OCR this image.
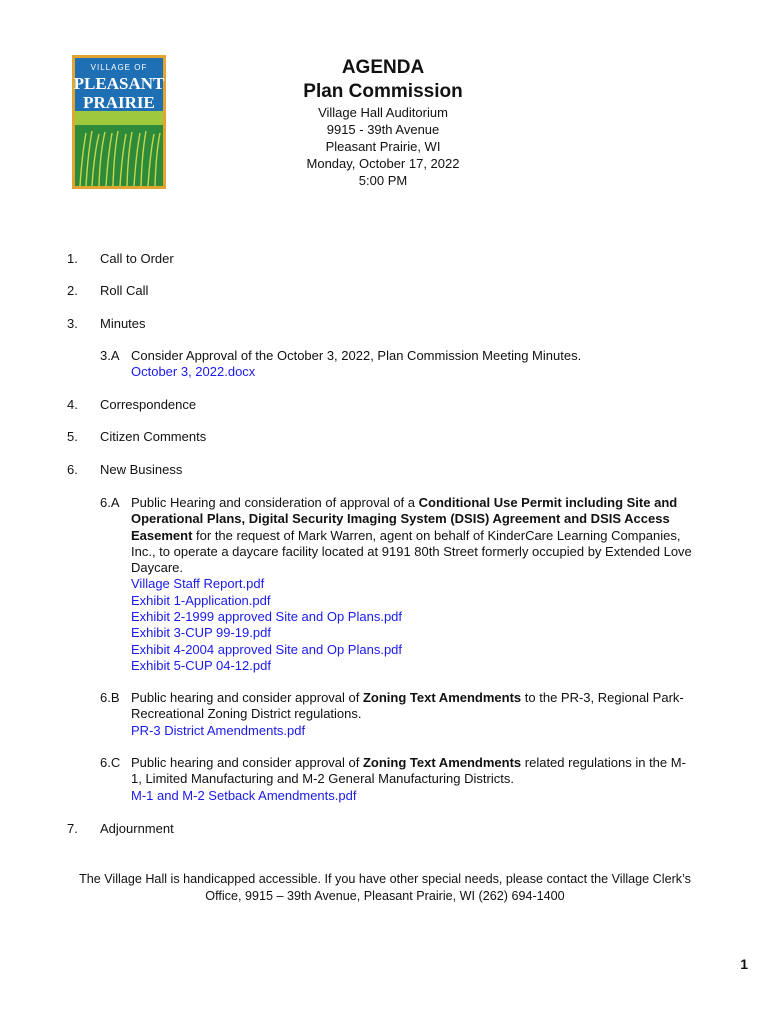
VILLAGE OF
PLEASANT
PRAIRIE
AGENDA
Plan Commission
Village Hall Auditorium
9915 - 39th Avenue
Pleasant Prairie, WI
Monday, October 17, 2022
5:00 PM
1. Call to Order
2. Roll Call
3. Minutes
3.A Consider Approval of the October 3, 2022, Plan Commission Meeting Minutes.
October 3, 2022.docx
4. Correspondence
5. Citizen Comments
6. New Business
6.A Public Hearing and consideration of approval of a Conditional Use Permit including Site and Operational Plans, Digital Security Imaging System (DSIS) Agreement and DSIS Access Easement for the request of Mark Warren, agent on behalf of KinderCare Learning Companies, Inc., to operate a daycare facility located at 9191 80th Street formerly occupied by Extended Love Daycare.
Village Staff Report.pdf
Exhibit 1-Application.pdf
Exhibit 2-1999 approved Site and Op Plans.pdf
Exhibit 3-CUP 99-19.pdf
Exhibit 4-2004 approved Site and Op Plans.pdf
Exhibit 5-CUP 04-12.pdf
6.B Public hearing and consider approval of Zoning Text Amendments to the PR-3, Regional Park-Recreational Zoning District regulations.
PR-3 District Amendments.pdf
6.C Public hearing and consider approval of Zoning Text Amendments related regulations in the M-1, Limited Manufacturing and M-2 General Manufacturing Districts.
M-1 and M-2 Setback Amendments.pdf
7. Adjournment
The Village Hall is handicapped accessible. If you have other special needs, please contact the Village Clerk’s
Office, 9915 – 39th Avenue, Pleasant Prairie, WI (262) 694-1400
1
